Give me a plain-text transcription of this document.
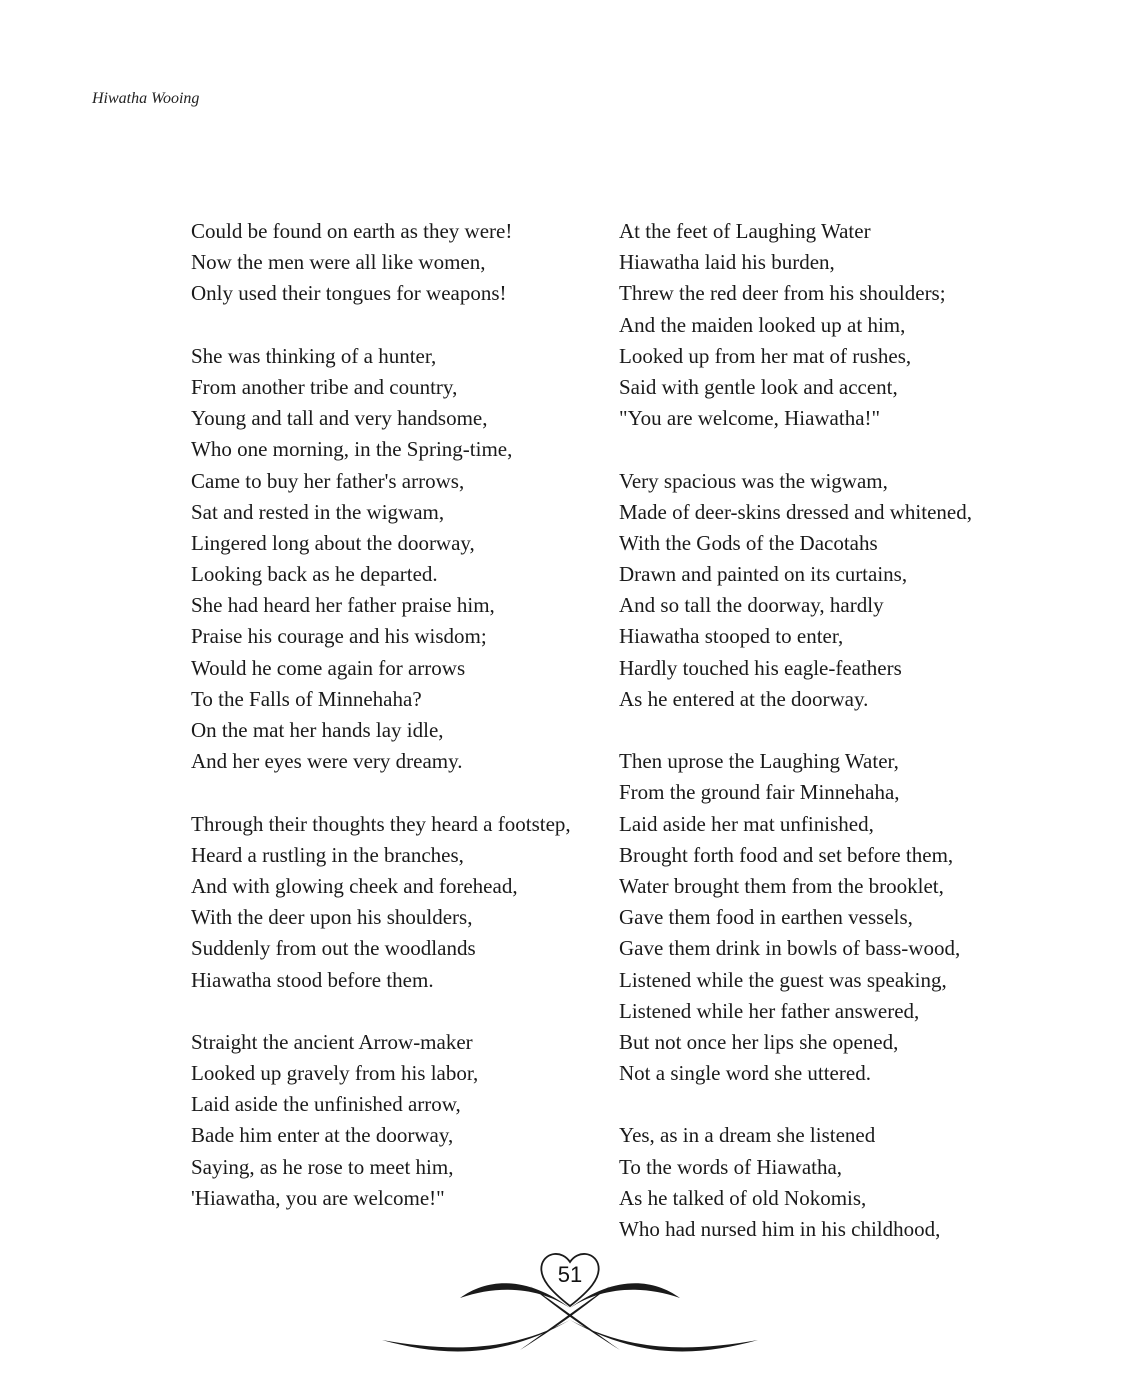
Hiwatha Wooing
Could be found on earth as they were!
Now the men were all like women,
Only used their tongues for weapons!
She was thinking of a hunter,
From another tribe and country,
Young and tall and very handsome,
Who one morning, in the Spring-time,
Came to buy her father's arrows,
Sat and rested in the wigwam,
Lingered long about the doorway,
Looking back as he departed.
She had heard her father praise him,
Praise his courage and his wisdom;
Would he come again for arrows
To the Falls of Minnehaha?
On the mat her hands lay idle,
And her eyes were very dreamy.
Through their thoughts they heard a footstep,
Heard a rustling in the branches,
And with glowing cheek and forehead,
With the deer upon his shoulders,
Suddenly from out the woodlands
Hiawatha stood before them.
Straight the ancient Arrow-maker
Looked up gravely from his labor,
Laid aside the unfinished arrow,
Bade him enter at the doorway,
Saying, as he rose to meet him,
'Hiawatha, you are welcome!"
At the feet of Laughing Water
Hiawatha laid his burden,
Threw the red deer from his shoulders;
And the maiden looked up at him,
Looked up from her mat of rushes,
Said with gentle look and accent,
"You are welcome, Hiawatha!"
Very spacious was the wigwam,
Made of deer-skins dressed and whitened,
With the Gods of the Dacotahs
Drawn and painted on its curtains,
And so tall the doorway, hardly
Hiawatha stooped to enter,
Hardly touched his eagle-feathers
As he entered at the doorway.
Then uprose the Laughing Water,
From the ground fair Minnehaha,
Laid aside her mat unfinished,
Brought forth food and set before them,
Water brought them from the brooklet,
Gave them food in earthen vessels,
Gave them drink in bowls of bass-wood,
Listened while the guest was speaking,
Listened while her father answered,
But not once her lips she opened,
Not a single word she uttered.
Yes, as in a dream she listened
To the words of Hiawatha,
As he talked of old Nokomis,
Who had nursed him in his childhood,
51
